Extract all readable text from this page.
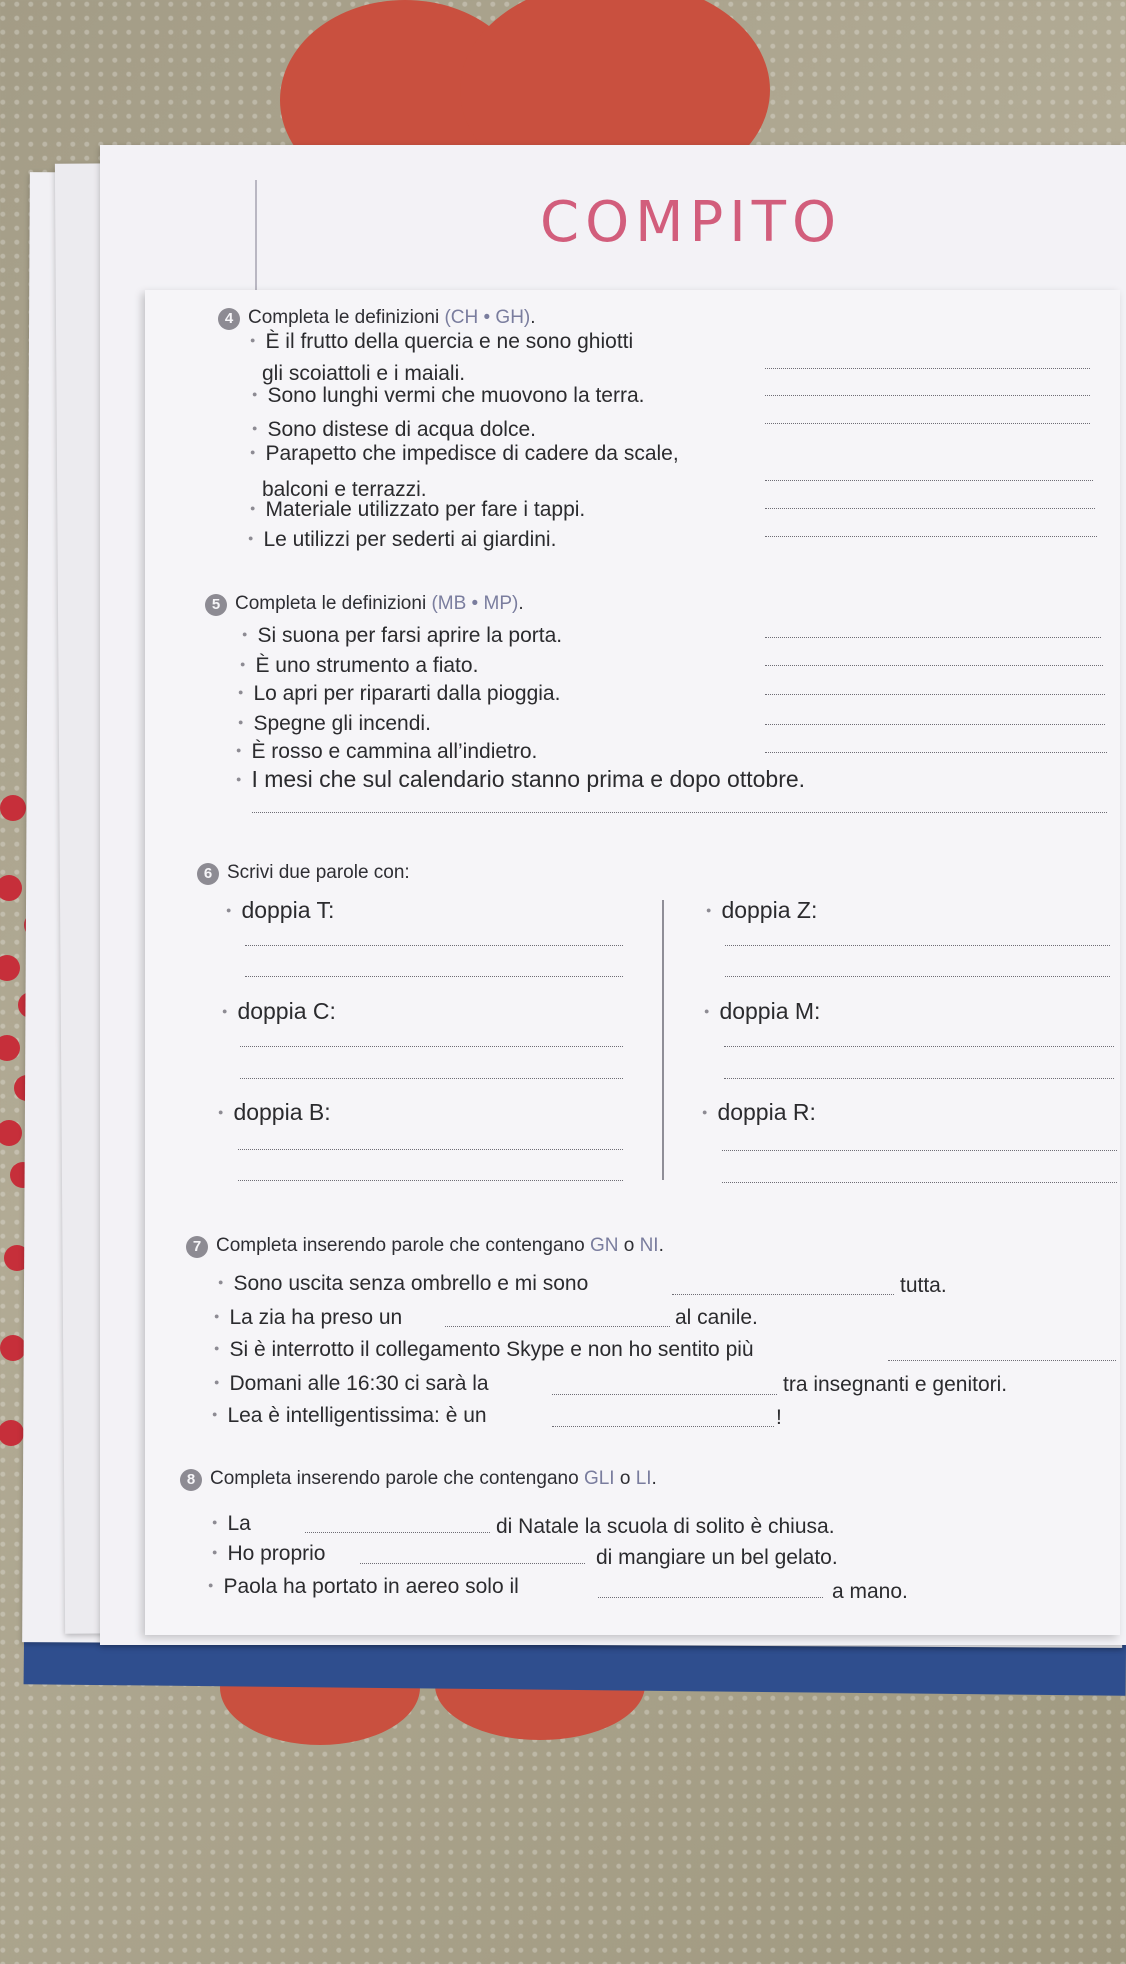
COMPITO
4 Completa le definizioni (CH • GH).
● È il frutto della quercia e ne sono ghiotti
gli scoiattoli e i maiali.
● Sono lunghi vermi che muovono la terra.
● Sono distese di acqua dolce.
● Parapetto che impedisce di cadere da scale,
balconi e terrazzi.
● Materiale utilizzato per fare i tappi.
● Le utilizzi per sederti ai giardini.
5 Completa le definizioni (MB • MP).
● Si suona per farsi aprire la porta.
● È uno strumento a fiato.
● Lo apri per ripararti dalla pioggia.
● Spegne gli incendi.
● È rosso e cammina all’indietro.
● I mesi che sul calendario stanno prima e dopo ottobre.
6 Scrivi due parole con:
● doppia T:	● doppia Z:
● doppia C:	● doppia M:
● doppia B:	● doppia R:
7 Completa inserendo parole che contengano GN o NI.
● Sono uscita senza ombrello e mi sono	tutta.
● La zia ha preso un	al canile.
● Si è interrotto il collegamento Skype e non ho sentito più
● Domani alle 16:30 ci sarà la	tra insegnanti e genitori.
● Lea è intelligentissima: è un	!
8 Completa inserendo parole che contengano GLI o LI.
● La	di Natale la scuola di solito è chiusa.
● Ho proprio	di mangiare un bel gelato.
● Paola ha portato in aereo solo il	a mano.
